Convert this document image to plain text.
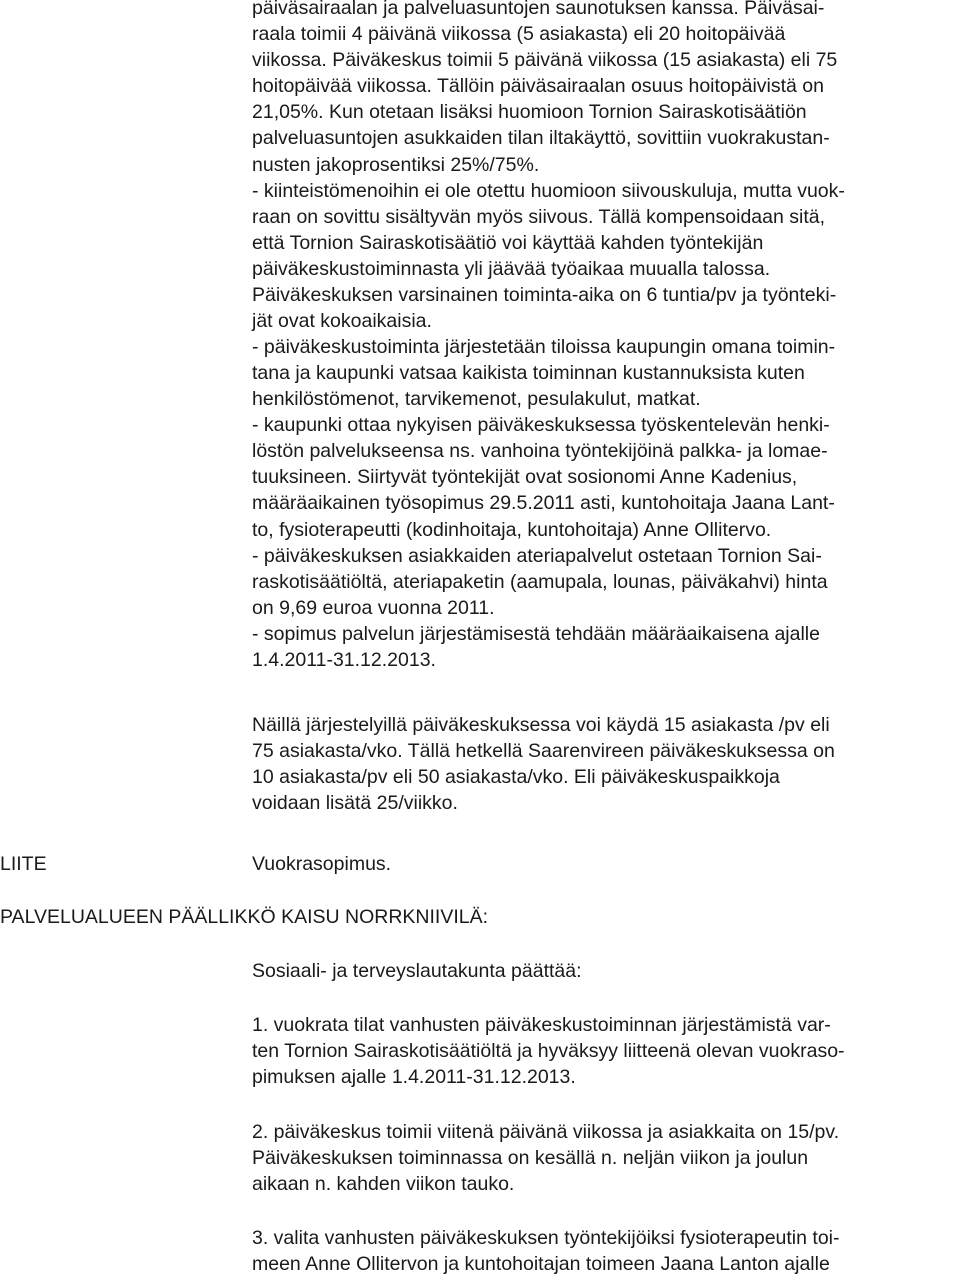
päiväsairaalan ja palveluasuntojen saunotuksen kanssa. Päiväsai-
raala toimii 4 päivänä viikossa (5 asiakasta) eli 20 hoitopäivää
viikossa. Päiväkeskus toimii 5 päivänä viikossa (15 asiakasta) eli 75
hoitopäivää viikossa. Tällöin päiväsairaalan osuus hoitopäivistä on
21,05%. Kun otetaan lisäksi huomioon Tornion Sairaskotisäätiön
palveluasuntojen asukkaiden tilan iltakäyttö, sovittiin vuokrakustan-
nusten jakoprosentiksi 25%/75%.
- kiinteistömenoihin ei ole otettu huomioon siivouskuluja, mutta vuok-
raan on sovittu sisältyvän myös siivous. Tällä kompensoidaan sitä,
että Tornion Sairaskotisäätiö voi käyttää kahden työntekijän
päiväkeskustoiminnasta yli jäävää työaikaa muualla talossa.
Päiväkeskuksen varsinainen toiminta-aika on 6 tuntia/pv ja työnteki-
jät ovat kokoaikaisia.
- päiväkeskustoiminta järjestetään tiloissa kaupungin omana toimin-
tana ja kaupunki vatsaa kaikista toiminnan kustannuksista kuten
henkilöstömenot, tarvikemenot, pesulakulut, matkat.
- kaupunki ottaa nykyisen päiväkeskuksessa työskentelevän henki-
löstön palvelukseensa ns. vanhoina työntekijöinä palkka- ja lomae-
tuuksineen. Siirtyvät työntekijät ovat sosionomi Anne Kadenius,
määräaikainen työsopimus 29.5.2011 asti, kuntohoitaja Jaana Lant-
to, fysioterapeutti (kodinhoitaja, kuntohoitaja) Anne Ollitervo.
- päiväkeskuksen asiakkaiden ateriapalvelut ostetaan Tornion Sai-
raskotisäätiöltä, ateriapaketin (aamupala, lounas, päiväkahvi) hinta
on 9,69 euroa vuonna 2011.
- sopimus palvelun järjestämisestä tehdään määräaikaisena ajalle
1.4.2011-31.12.2013.
Näillä järjestelyillä päiväkeskuksessa voi käydä 15 asiakasta /pv eli
75 asiakasta/vko. Tällä hetkellä Saarenvireen päiväkeskuksessa on
10 asiakasta/pv eli 50 asiakasta/vko. Eli päiväkeskuspaikkoja
voidaan lisätä 25/viikko.
LIITE	Vuokrasopimus.
PALVELUALUEEN PÄÄLLIKKÖ KAISU NORRKNIIVILÄ:
Sosiaali- ja terveyslautakunta päättää:
1. vuokrata tilat vanhusten päiväkeskustoiminnan järjestämistä var-
ten Tornion Sairaskotisäätiöltä ja hyväksyy liitteenä olevan vuokraso-
pimuksen ajalle 1.4.2011-31.12.2013.
2. päiväkeskus toimii viitenä päivänä viikossa ja asiakkaita on 15/pv.
Päiväkeskuksen toiminnassa on kesällä n. neljän viikon ja joulun
aikaan n. kahden viikon tauko.
3. valita vanhusten päiväkeskuksen työntekijöiksi fysioterapeutin toi-
meen Anne Ollitervon ja kuntohoitajan toimeen Jaana Lanton ajalle
